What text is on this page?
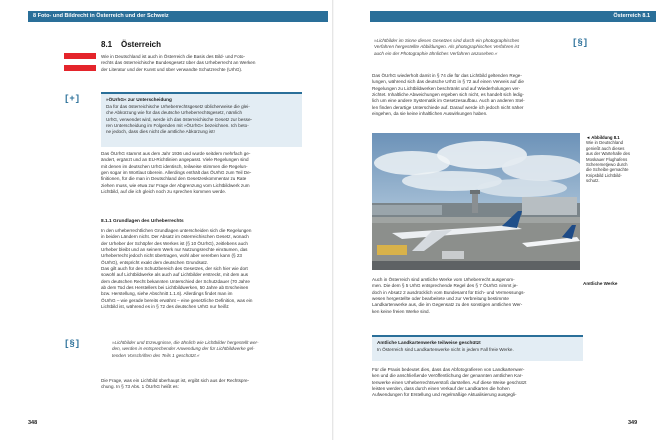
8 Foto- und Bildrecht in Österreich und der Schweiz
8.1 Österreich

Wie in Deutschland ist auch in Österreich die Basis des Bild- und Foto-

rechts das österreichische Bundesgesetz über das Urheberrecht an Werken

der Literatur und der Kunst und über verwandte Schutzrechte (UrhG).

[+]	»ÖUrhG« zur Unterscheidung
Da für das österreichische Urheberrechtsgesetz üblicherweise die glei-
che Abkürzung wie für das deutsche Urheberrechtsgesetz, nämlich
UrhG, verwendet wird, werde ich das österreichische Gesetz zur besse-
ren Unterscheidung im Folgenden mit »ÖUrhG« bezeichnen. Ich beto-
ne jedoch, dass dies nicht die amtliche Abkürzung ist!

Das ÖUrhG stammt aus dem Jahr 1936 und wurde seitdem mehrfach ge-

ändert, ergänzt und an EU-Richtlinien angepasst. Viele Regelungen sind

mit denen im deutschen UrhG identisch, teilweise stimmen die Regelun-

gen sogar im Wortlaut überein. Allerdings enthält das ÖUrhG zum Teil De-

finitionen, für die man in Deutschland den Gesetzeskommentar zu Rate

ziehen muss, wie etwa zur Frage der Abgrenzung vom Lichtbildwerk zum

Lichtbild, auf die ich gleich noch zu sprechen kommen werde.

8.1.1 Grundlagen des Urheberrechts

In den urheberrechtlichen Grundlagen unterscheiden sich die Regelungen

in beiden Ländern nicht. Der Absatz im österreichischen Gesetz, wonach

der Urheber der Schöpfer des Werkes ist (§ 10 ÖUrhG), zeitlebens auch

Urheber bleibt und an seinem Werk nur Nutzungsrechte einräumen, das

Urheberrecht jedoch nicht übertragen, wohl aber vererben kann (§ 23

ÖUrhG), entspricht exakt dem deutschen Grundsatz.

Das gilt auch für den Schutzbereich des Gesetzes, der sich hier wie dort

sowohl auf Lichtbildwerke als auch auf Lichtbilder erstreckt, mit dem aus

dem deutschen Recht bekannten Unterschied der Schutzdauer (70 Jahre

ab dem Tod des Herstellers bei Lichtbildwerken, 50 Jahre ab Erscheinen

bzw. Herstellung, siehe Abschnitt 1.1.6). Allerdings findet man im

ÖUrhG – wie gerade bereits erwähnt – eine gesetzliche Definition, was ein

Lichtbild ist, während es in § 72 des deutschen UrhG nur heißt:

[§]	»Lichtbilder und Erzeugnisse, die ähnlich wie Lichtbilder hergestellt wer-

den, werden in entsprechender Anwendung der für Lichtbildwerke gel-

tenden Vorschriften des Teils 1 geschützt.«

Die Frage, was ein Lichtbild überhaupt ist, ergibt sich aus der Rechtspre-

chung. In § 73 Abs. 1 ÖUrhG heißt es:

348
Österreich 8.1

»Lichtbilder im Sinne dieses Gesetzes sind durch ein photographisches

Verfahren hergestellte Abbildungen. Als photographisches Verfahren ist

auch ein der Photographie ähnliches Verfahren anzusehen.«

[§]

Das ÖUrhG wiederholt damit in § 74 die für das Lichtbild geltenden Rege-

lungen, während sich das deutsche UrhG in § 72 auf einen Verweis auf die

Regelungen zu Lichtbildwerken beschränkt und auf Wiederholungen ver-

zichtet. Inhaltliche Abweichungen ergeben sich nicht, es handelt sich ledig-

lich um eine andere Systematik im Gesetzesaufbau. Auch an anderen Stel-

len finden derartige Unterschiede auf. Darauf werde ich jedoch nicht näher

eingehen, da sie keine inhaltlichen Auswirkungen haben.

◄ Abbildung 8.1
Wie in Deutschland
genießt auch dieses
aus der Wartehalle des
Moskauer Flughafens
Scheremetjewo durch
die Scheibe gemachte
Knipsbild Lichtbild-
schutz.

Auch in Österreich sind amtliche Werke vom Urheberrecht ausgenom-

men. Die dem § 5 UrhG entsprechende Regel des § 7 ÖUrhG nimmt je-

doch in Absatz 2 ausdrücklich vom Bundesamt für Eich- und Vermessungs-

wesen hergestellte oder bearbeitete und zur Verbreitung bestimmte

Landkartenwerke aus, die im Gegensatz zu den sonstigen amtlichen Wer-

ken keine freien Werke sind.

Amtliche Werke
Amtliche Landkartenwerke teilweise geschützt
In Österreich sind Landkartenwerke nicht in jedem Fall freie Werke.

Für die Praxis bedeutet dies, dass das Abfotografieren von Landkartenwer-

ken und die anschließende Veröffentlichung der genannten amtlichen Kar-

tenwerke einen Urheberrechtsverstoß darstellen. Auf diese Weise geschützt

leisten werden, dass durch einen Verkauf der Landkarten die hohen

Aufwendungen für Erstellung und regelmäßige Aktualisierung ausgegli-

349
